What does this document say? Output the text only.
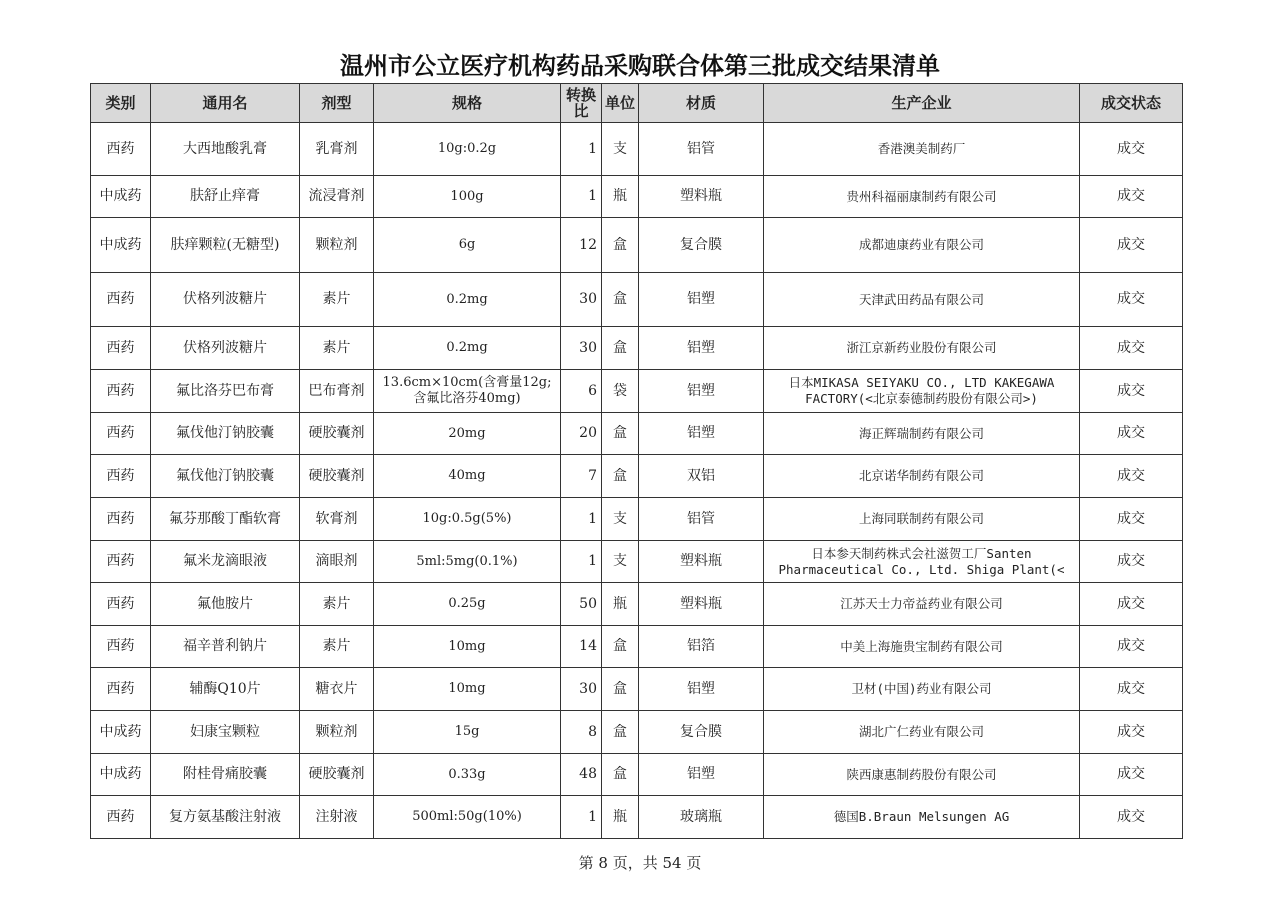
温州市公立医疗机构药品采购联合体第三批成交结果清单
类别	通用名	剂型	规格	转换比	单位	材质	生产企业	成交状态
西药	大西地酸乳膏	乳膏剂	10g:0.2g	1	支	铝管	香港澳美制药厂	成交
中成药	肤舒止痒膏	流浸膏剂	100g	1	瓶	塑料瓶	贵州科福丽康制药有限公司	成交
中成药	肤痒颗粒(无糖型)	颗粒剂	6g	12	盒	复合膜	成都迪康药业有限公司	成交
西药	伏格列波糖片	素片	0.2mg	30	盒	铝塑	天津武田药品有限公司	成交
西药	伏格列波糖片	素片	0.2mg	30	盒	铝塑	浙江京新药业股份有限公司	成交
西药	氟比洛芬巴布膏	巴布膏剂	13.6cm×10cm(含膏量12g;含氟比洛芬40mg)	6	袋	铝塑	日本MIKASA SEIYAKU CO., LTD KAKEGAWA FACTORY(<北京泰德制药股份有限公司>)	成交
西药	氟伐他汀钠胶囊	硬胶囊剂	20mg	20	盒	铝塑	海正辉瑞制药有限公司	成交
西药	氟伐他汀钠胶囊	硬胶囊剂	40mg	7	盒	双铝	北京诺华制药有限公司	成交
西药	氟芬那酸丁酯软膏	软膏剂	10g:0.5g(5%)	1	支	铝管	上海同联制药有限公司	成交
西药	氟米龙滴眼液	滴眼剂	5ml:5mg(0.1%)	1	支	塑料瓶	日本参天制药株式会社滋贺工厂Santen Pharmaceutical Co., Ltd. Shiga Plant(<	成交
西药	氟他胺片	素片	0.25g	50	瓶	塑料瓶	江苏天士力帝益药业有限公司	成交
西药	福辛普利钠片	素片	10mg	14	盒	铝箔	中美上海施贵宝制药有限公司	成交
西药	辅酶Q10片	糖衣片	10mg	30	盒	铝塑	卫材(中国)药业有限公司	成交
中成药	妇康宝颗粒	颗粒剂	15g	8	盒	复合膜	湖北广仁药业有限公司	成交
中成药	附桂骨痛胶囊	硬胶囊剂	0.33g	48	盒	铝塑	陕西康惠制药股份有限公司	成交
西药	复方氨基酸注射液	注射液	500ml:50g(10%)	1	瓶	玻璃瓶	德国B.Braun Melsungen AG	成交
第 8 页，共 54 页
